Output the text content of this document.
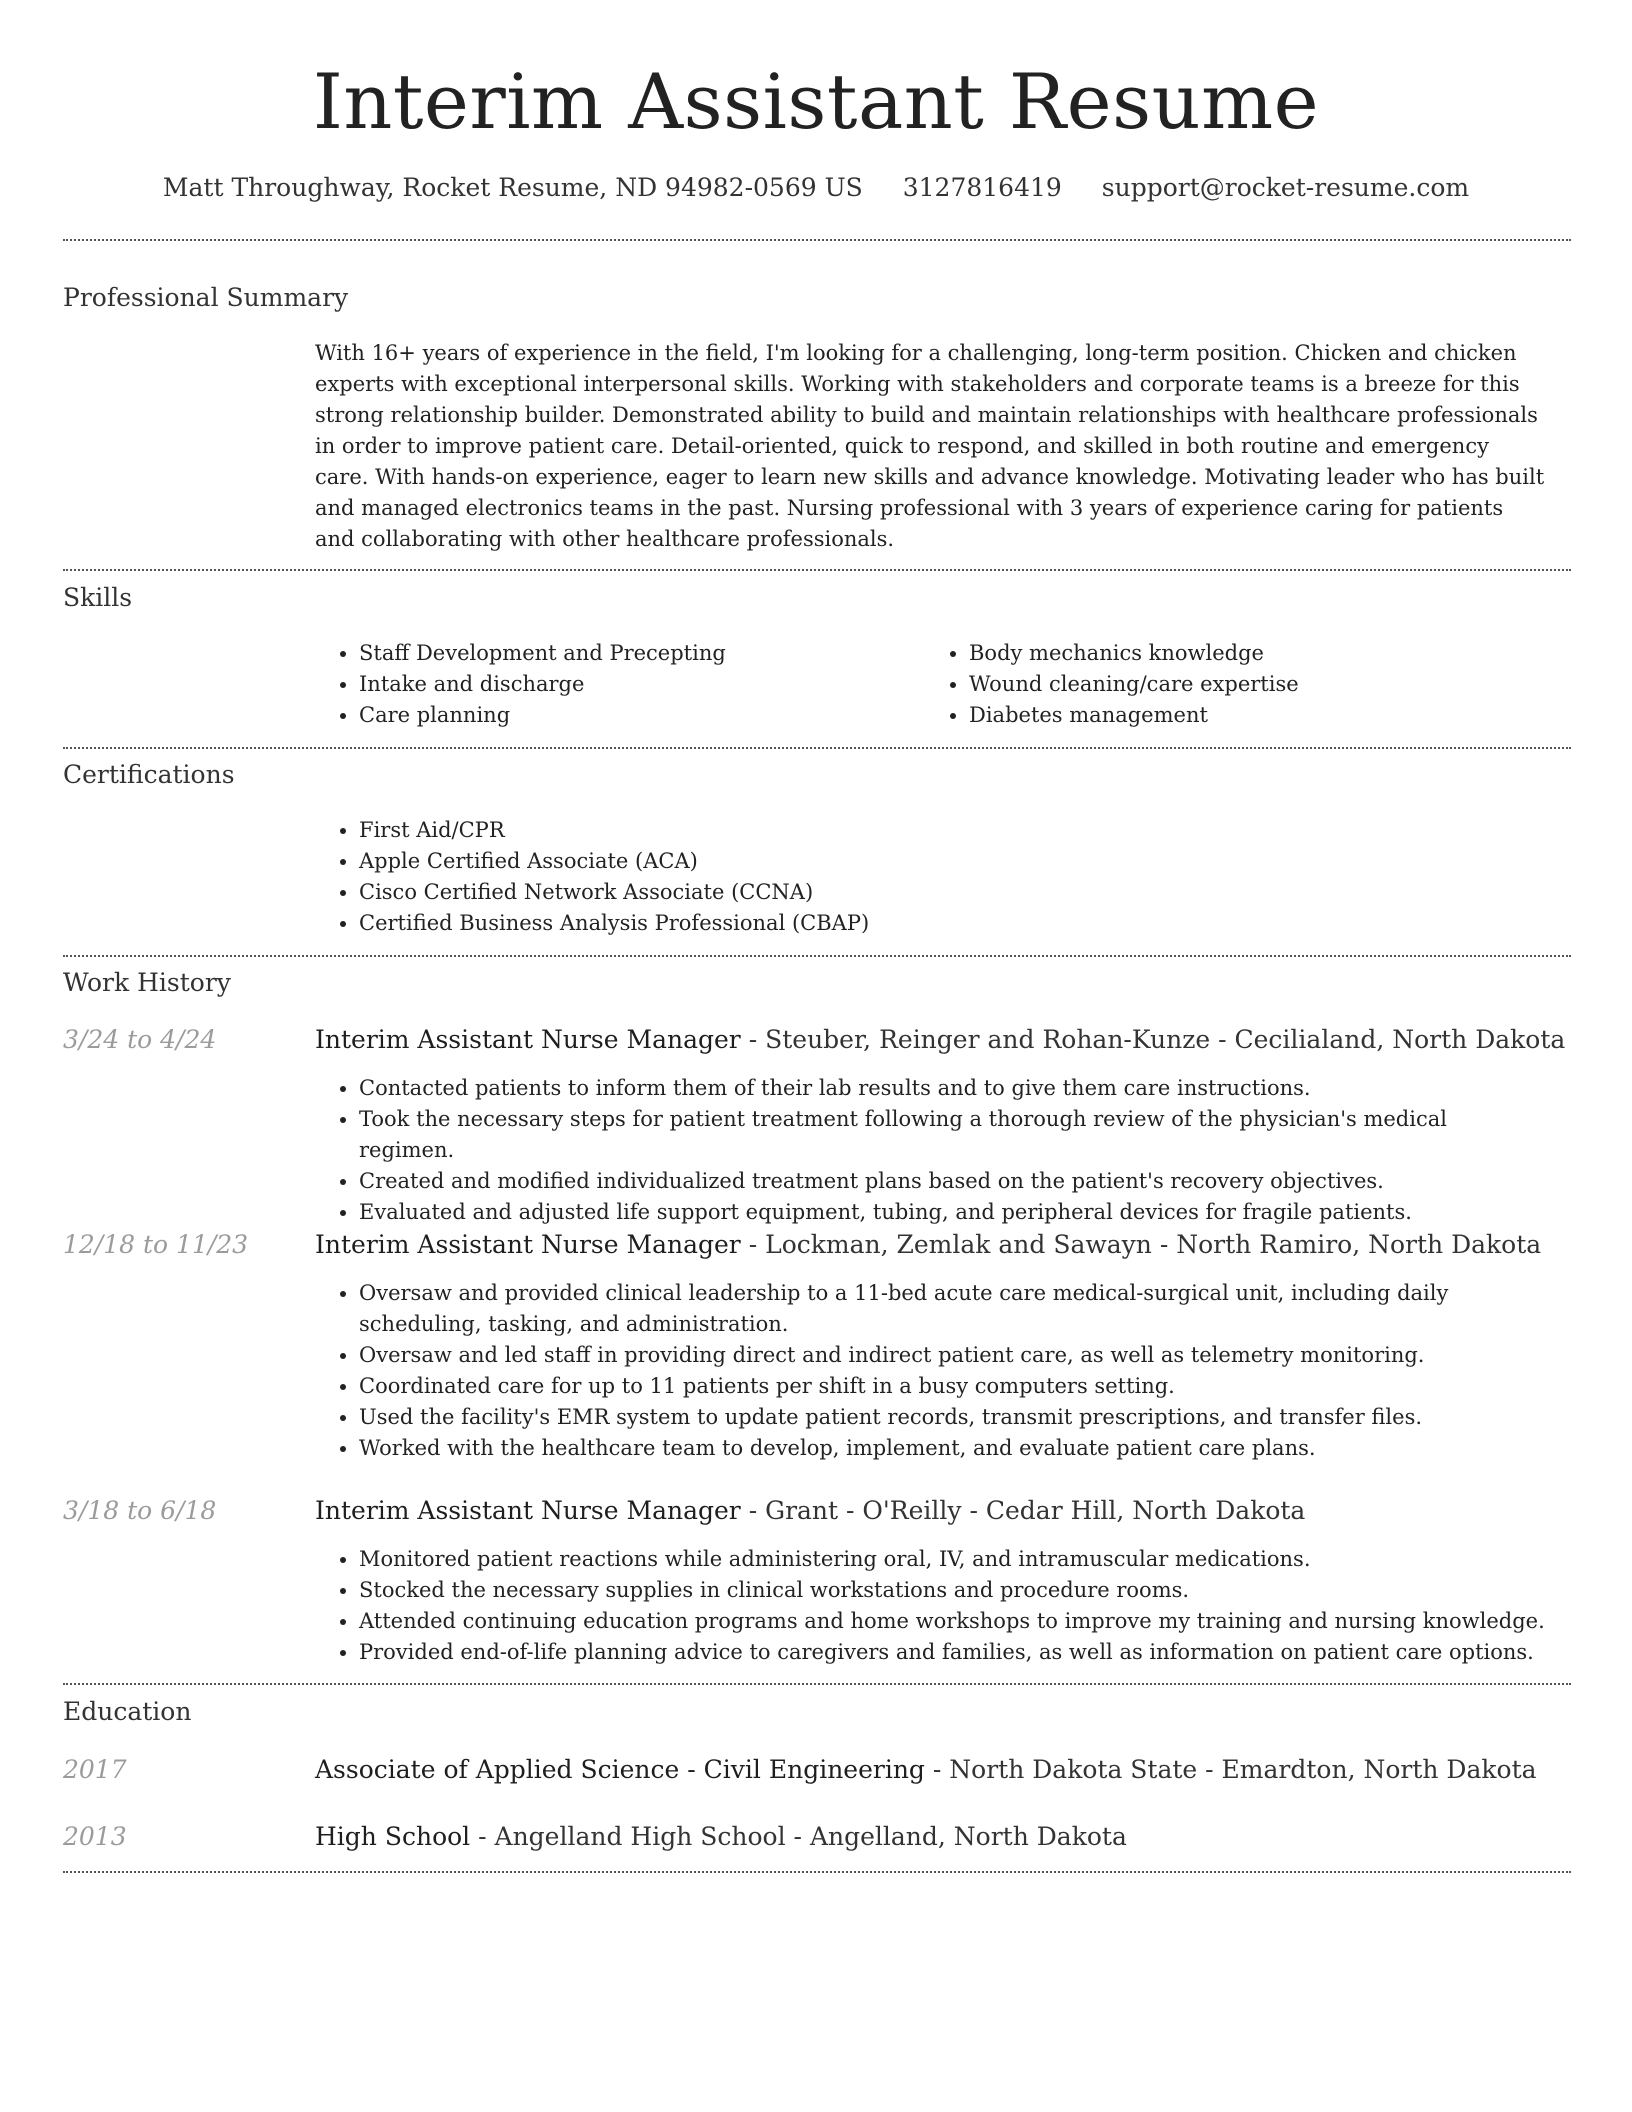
Interim Assistant Resume
Matt Throughway, Rocket Resume, ND 94982-0569 US 3127816419 support@rocket-resume.com
Professional Summary
With 16+ years of experience in the field, I'm looking for a challenging, long-term position. Chicken and chicken experts with exceptional interpersonal skills. Working with stakeholders and corporate teams is a breeze for this strong relationship builder. Demonstrated ability to build and maintain relationships with healthcare professionals in order to improve patient care. Detail-oriented, quick to respond, and skilled in both routine and emergency care. With hands-on experience, eager to learn new skills and advance knowledge. Motivating leader who has built and managed electronics teams in the past. Nursing professional with 3 years of experience caring for patients and collaborating with other healthcare professionals.
Skills
• Staff Development and Precepting
• Intake and discharge
• Care planning
• Body mechanics knowledge
• Wound cleaning/care expertise
• Diabetes management
Certifications
• First Aid/CPR
• Apple Certified Associate (ACA)
• Cisco Certified Network Associate (CCNA)
• Certified Business Analysis Professional (CBAP)
Work History
3/24 to 4/24	Interim Assistant Nurse Manager - Steuber, Reinger and Rohan-Kunze - Cecilialand, North Dakota
• Contacted patients to inform them of their lab results and to give them care instructions.
• Took the necessary steps for patient treatment following a thorough review of the physician's medical regimen.
• Created and modified individualized treatment plans based on the patient's recovery objectives.
• Evaluated and adjusted life support equipment, tubing, and peripheral devices for fragile patients.
12/18 to 11/23	Interim Assistant Nurse Manager - Lockman, Zemlak and Sawayn - North Ramiro, North Dakota
• Oversaw and provided clinical leadership to a 11-bed acute care medical-surgical unit, including daily scheduling, tasking, and administration.
• Oversaw and led staff in providing direct and indirect patient care, as well as telemetry monitoring.
• Coordinated care for up to 11 patients per shift in a busy computers setting.
• Used the facility's EMR system to update patient records, transmit prescriptions, and transfer files.
• Worked with the healthcare team to develop, implement, and evaluate patient care plans.
3/18 to 6/18	Interim Assistant Nurse Manager - Grant - O'Reilly - Cedar Hill, North Dakota
• Monitored patient reactions while administering oral, IV, and intramuscular medications.
• Stocked the necessary supplies in clinical workstations and procedure rooms.
• Attended continuing education programs and home workshops to improve my training and nursing knowledge.
• Provided end-of-life planning advice to caregivers and families, as well as information on patient care options.
Education
2017	Associate of Applied Science - Civil Engineering - North Dakota State - Emardton, North Dakota
2013	High School - Angelland High School - Angelland, North Dakota
